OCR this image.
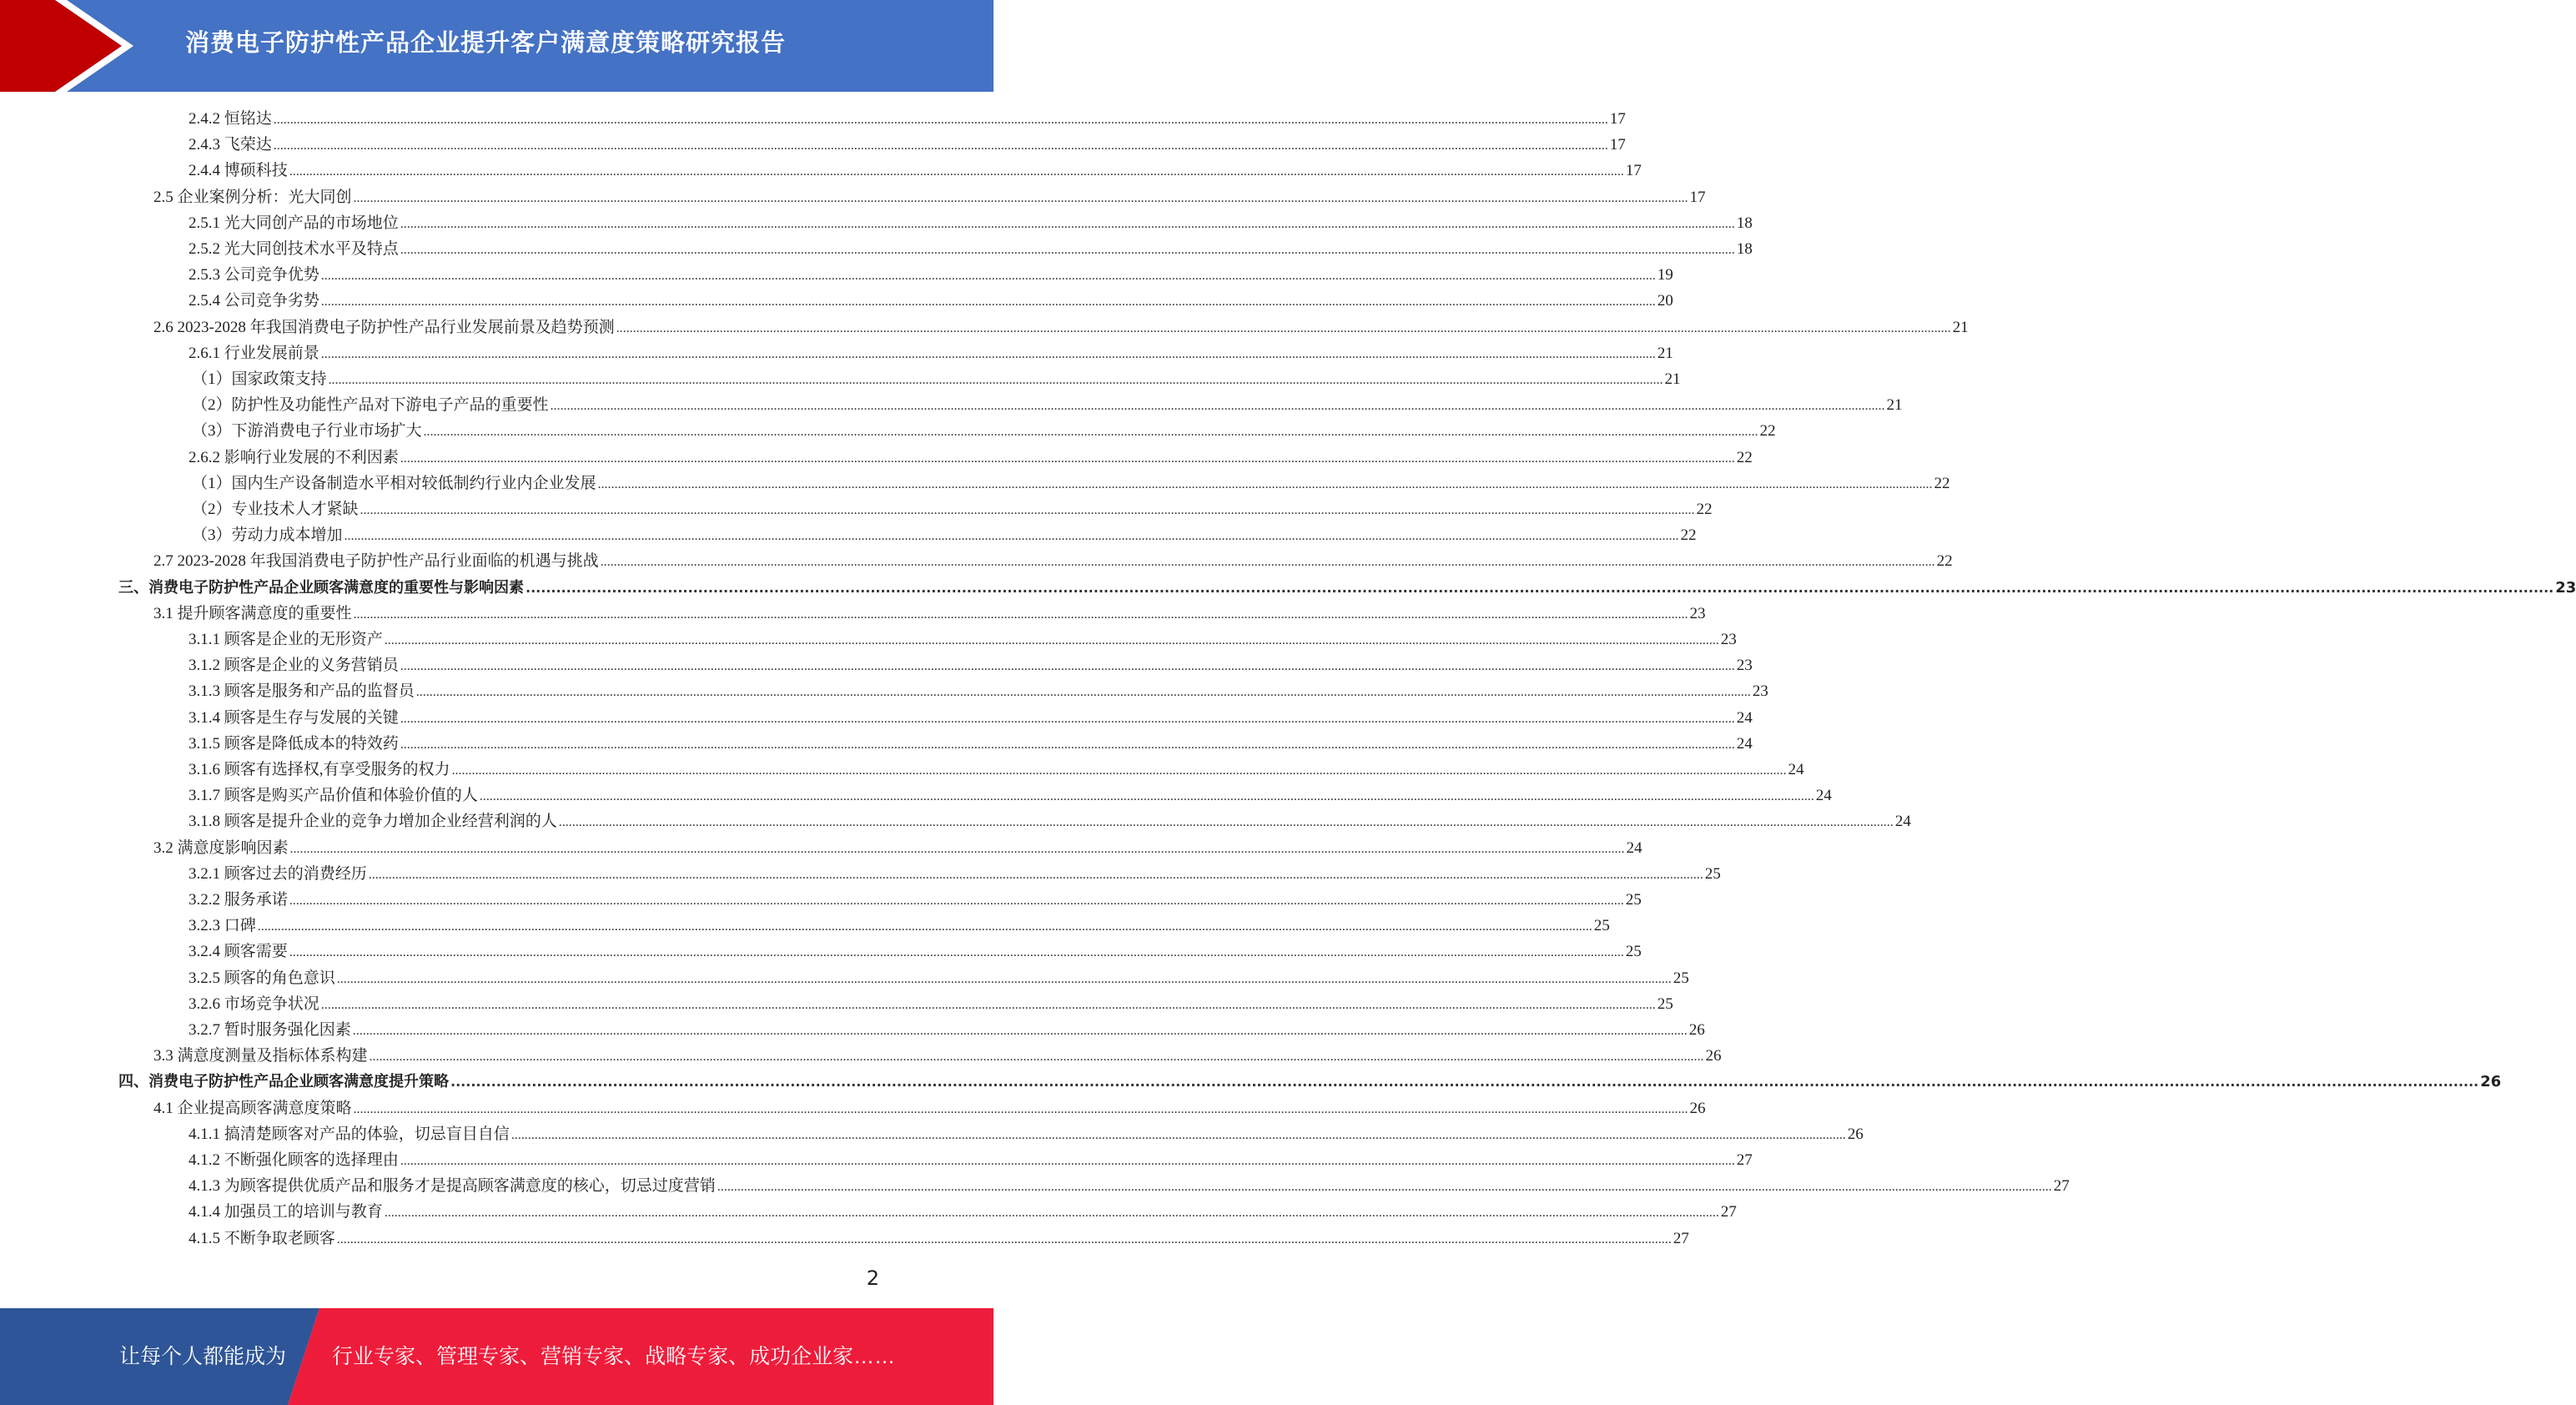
消费电子防护性产品企业提升客户满意度策略研究报告
2.4.2 恒铭达 ................................................................................................................................................................................................................................................................................................................................................................................................................ 17
2.4.3 飞荣达 ................................................................................................................................................................................................................................................................................................................................................................................................................ 17
2.4.4 博硕科技 ................................................................................................................................................................................................................................................................................................................................................................................................................ 17
2.5 企业案例分析：光大同创 ................................................................................................................................................................................................................................................................................................................................................................................................................ 17
2.5.1 光大同创产品的市场地位 ................................................................................................................................................................................................................................................................................................................................................................................................................ 18
2.5.2 光大同创技术水平及特点 ................................................................................................................................................................................................................................................................................................................................................................................................................ 18
2.5.3 公司竞争优势 ................................................................................................................................................................................................................................................................................................................................................................................................................ 19
2.5.4 公司竞争劣势 ................................................................................................................................................................................................................................................................................................................................................................................................................ 20
2.6 2023-2028 年我国消费电子防护性产品行业发展前景及趋势预测 ................................................................................................................................................................................................................................................................................................................................................................................................................ 21
2.6.1 行业发展前景 ................................................................................................................................................................................................................................................................................................................................................................................................................ 21
（1）国家政策支持 ................................................................................................................................................................................................................................................................................................................................................................................................................ 21
（2）防护性及功能性产品对下游电子产品的重要性 ................................................................................................................................................................................................................................................................................................................................................................................................................ 21
（3）下游消费电子行业市场扩大 ................................................................................................................................................................................................................................................................................................................................................................................................................ 22
2.6.2 影响行业发展的不利因素 ................................................................................................................................................................................................................................................................................................................................................................................................................ 22
（1）国内生产设备制造水平相对较低制约行业内企业发展 ................................................................................................................................................................................................................................................................................................................................................................................................................ 22
（2）专业技术人才紧缺 ................................................................................................................................................................................................................................................................................................................................................................................................................ 22
（3）劳动力成本增加 ................................................................................................................................................................................................................................................................................................................................................................................................................ 22
2.7 2023-2028 年我国消费电子防护性产品行业面临的机遇与挑战 ................................................................................................................................................................................................................................................................................................................................................................................................................ 22
三、消费电子防护性产品企业顾客满意度的重要性与影响因素 ................................................................................................................................................................................................................................................................................................................................................................................................................ 23
3.1 提升顾客满意度的重要性 ................................................................................................................................................................................................................................................................................................................................................................................................................ 23
3.1.1 顾客是企业的无形资产 ................................................................................................................................................................................................................................................................................................................................................................................................................ 23
3.1.2 顾客是企业的义务营销员 ................................................................................................................................................................................................................................................................................................................................................................................................................ 23
3.1.3 顾客是服务和产品的监督员 ................................................................................................................................................................................................................................................................................................................................................................................................................ 23
3.1.4 顾客是生存与发展的关键 ................................................................................................................................................................................................................................................................................................................................................................................................................ 24
3.1.5 顾客是降低成本的特效药 ................................................................................................................................................................................................................................................................................................................................................................................................................ 24
3.1.6 顾客有选择权,有享受服务的权力 ................................................................................................................................................................................................................................................................................................................................................................................................................ 24
3.1.7 顾客是购买产品价值和体验价值的人 ................................................................................................................................................................................................................................................................................................................................................................................................................ 24
3.1.8 顾客是提升企业的竞争力增加企业经营利润的人 ................................................................................................................................................................................................................................................................................................................................................................................................................ 24
3.2 满意度影响因素 ................................................................................................................................................................................................................................................................................................................................................................................................................ 24
3.2.1 顾客过去的消费经历 ................................................................................................................................................................................................................................................................................................................................................................................................................ 25
3.2.2 服务承诺 ................................................................................................................................................................................................................................................................................................................................................................................................................ 25
3.2.3 口碑 ................................................................................................................................................................................................................................................................................................................................................................................................................ 25
3.2.4 顾客需要 ................................................................................................................................................................................................................................................................................................................................................................................................................ 25
3.2.5 顾客的角色意识 ................................................................................................................................................................................................................................................................................................................................................................................................................ 25
3.2.6 市场竞争状况 ................................................................................................................................................................................................................................................................................................................................................................................................................ 25
3.2.7 暂时服务强化因素 ................................................................................................................................................................................................................................................................................................................................................................................................................ 26
3.3 满意度测量及指标体系构建 ................................................................................................................................................................................................................................................................................................................................................................................................................ 26
四、消费电子防护性产品企业顾客满意度提升策略 ................................................................................................................................................................................................................................................................................................................................................................................................................ 26
4.1 企业提高顾客满意度策略 ................................................................................................................................................................................................................................................................................................................................................................................................................ 26
4.1.1 搞清楚顾客对产品的体验，切忌盲目自信 ................................................................................................................................................................................................................................................................................................................................................................................................................ 26
4.1.2 不断强化顾客的选择理由 ................................................................................................................................................................................................................................................................................................................................................................................................................ 27
4.1.3 为顾客提供优质产品和服务才是提高顾客满意度的核心，切忌过度营销 ................................................................................................................................................................................................................................................................................................................................................................................................................ 27
4.1.4 加强员工的培训与教育 ................................................................................................................................................................................................................................................................................................................................................................................................................ 27
4.1.5 不断争取老顾客 ................................................................................................................................................................................................................................................................................................................................................................................................................ 27
2
让每个人都能成为 行业专家、管理专家、营销专家、战略专家、成功企业家……
